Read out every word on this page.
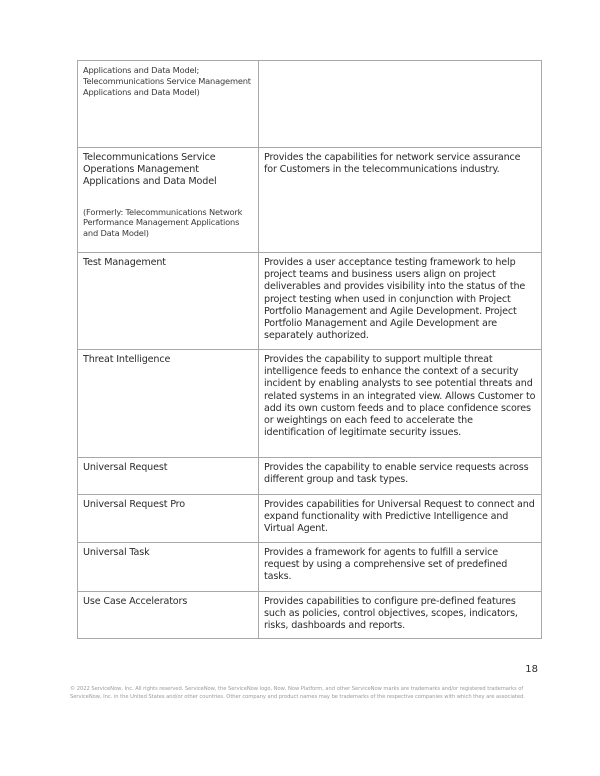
Applications and Data Model; Telecommunications Service Management Applications and Data Model)	

Telecommunications Service Operations Management Applications and Data Model
(Formerly: Telecommunications Network Performance Management Applications and Data Model)	Provides the capabilities for network service assurance for Customers in the telecommunications industry.
Test Management	Provides a user acceptance testing framework to help project teams and business users align on project deliverables and provides visibility into the status of the project testing when used in conjunction with Project Portfolio Management and Agile Development. Project Portfolio Management and Agile Development are separately authorized.
Threat Intelligence	Provides the capability to support multiple threat intelligence feeds to enhance the context of a security incident by enabling analysts to see potential threats and related systems in an integrated view. Allows Customer to add its own custom feeds and to place confidence scores or weightings on each feed to accelerate the identification of legitimate security issues.
Universal Request	Provides the capability to enable service requests across different group and task types.
Universal Request Pro	Provides capabilities for Universal Request to connect and expand functionality with Predictive Intelligence and Virtual Agent.
Universal Task	Provides a framework for agents to fulfill a service request by using a comprehensive set of predefined tasks.
Use Case Accelerators	Provides capabilities to configure pre-defined features such as policies, control objectives, scopes, indicators, risks, dashboards and reports.
18
© 2022 ServiceNow, Inc. All rights reserved. ServiceNow, the ServiceNow logo, Now, Now Platform, and other ServiceNow marks are trademarks and/or registered trademarks of ServiceNow, Inc. in the United States and/or other countries. Other company and product names may be trademarks of the respective companies with which they are associated.
